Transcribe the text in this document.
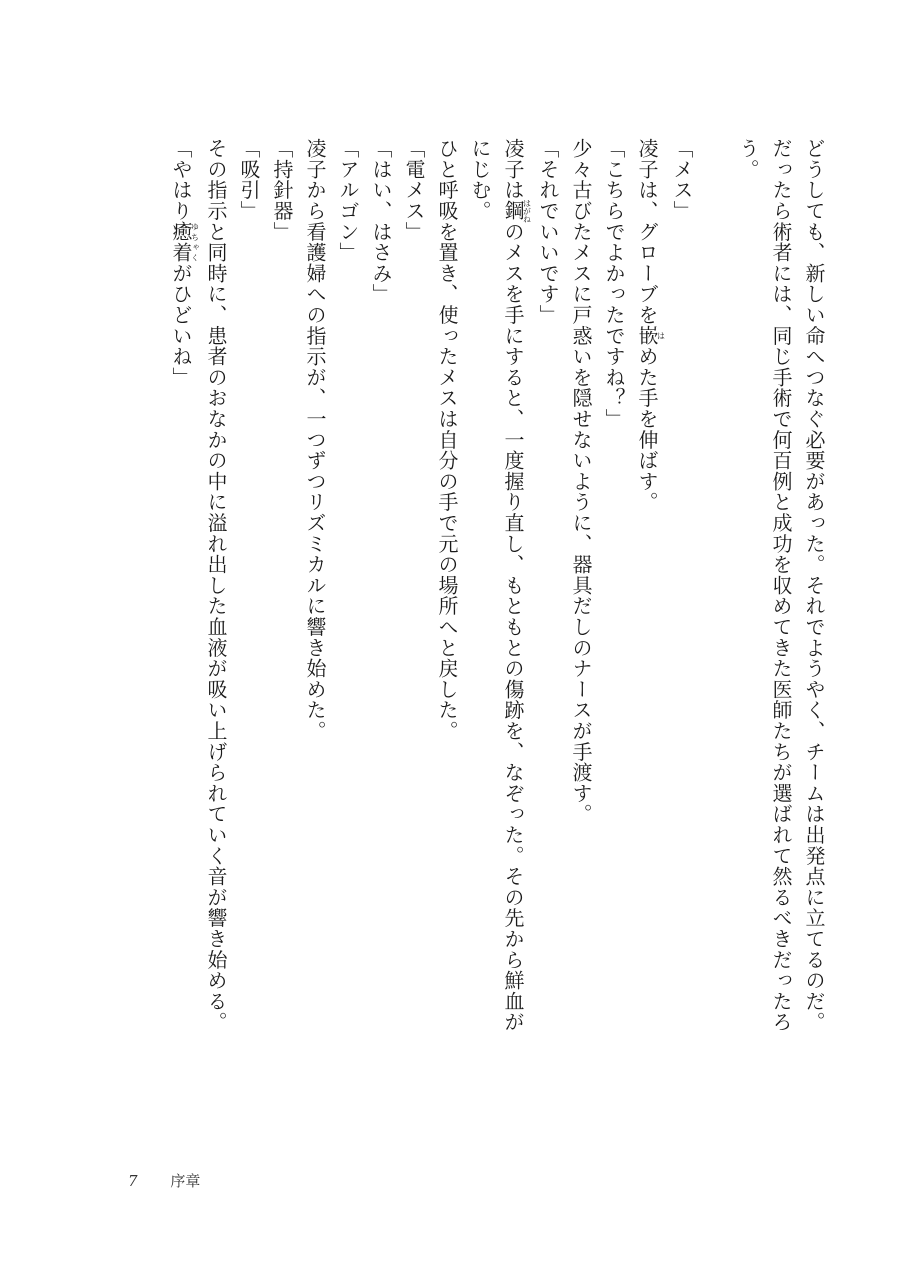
どうしても、新しい命へつなぐ必要があった。それでようやく、チームは出発点に立てるのだ。
だったら術者には、同じ手術で何百例と成功を収めてきた医師たちが選ばれて然るべきだったろ
う。
「メス」
凌子は、グローブを嵌はめた手を伸ばす。
「こちらでよかったですね？」
少々古びたメスに戸惑いを隠せないように、器具だしのナースが手渡す。
「それでいいです」
凌子は鋼はがねのメスを手にすると、一度握り直し、もともとの傷跡を、なぞった。その先から鮮血が
にじむ。
ひと呼吸を置き、使ったメスは自分の手で元の場所へと戻した。
「電メス」
「はい、はさみ」
「アルゴン」
凌子から看護婦への指示が、一つずつリズミカルに響き始めた。
「持針器」
「吸引」
その指示と同時に、患者のおなかの中に溢れ出した血液が吸い上げられていく音が響き始める。
「やはり癒着ゆちゃくがひどいね」
7 序章
